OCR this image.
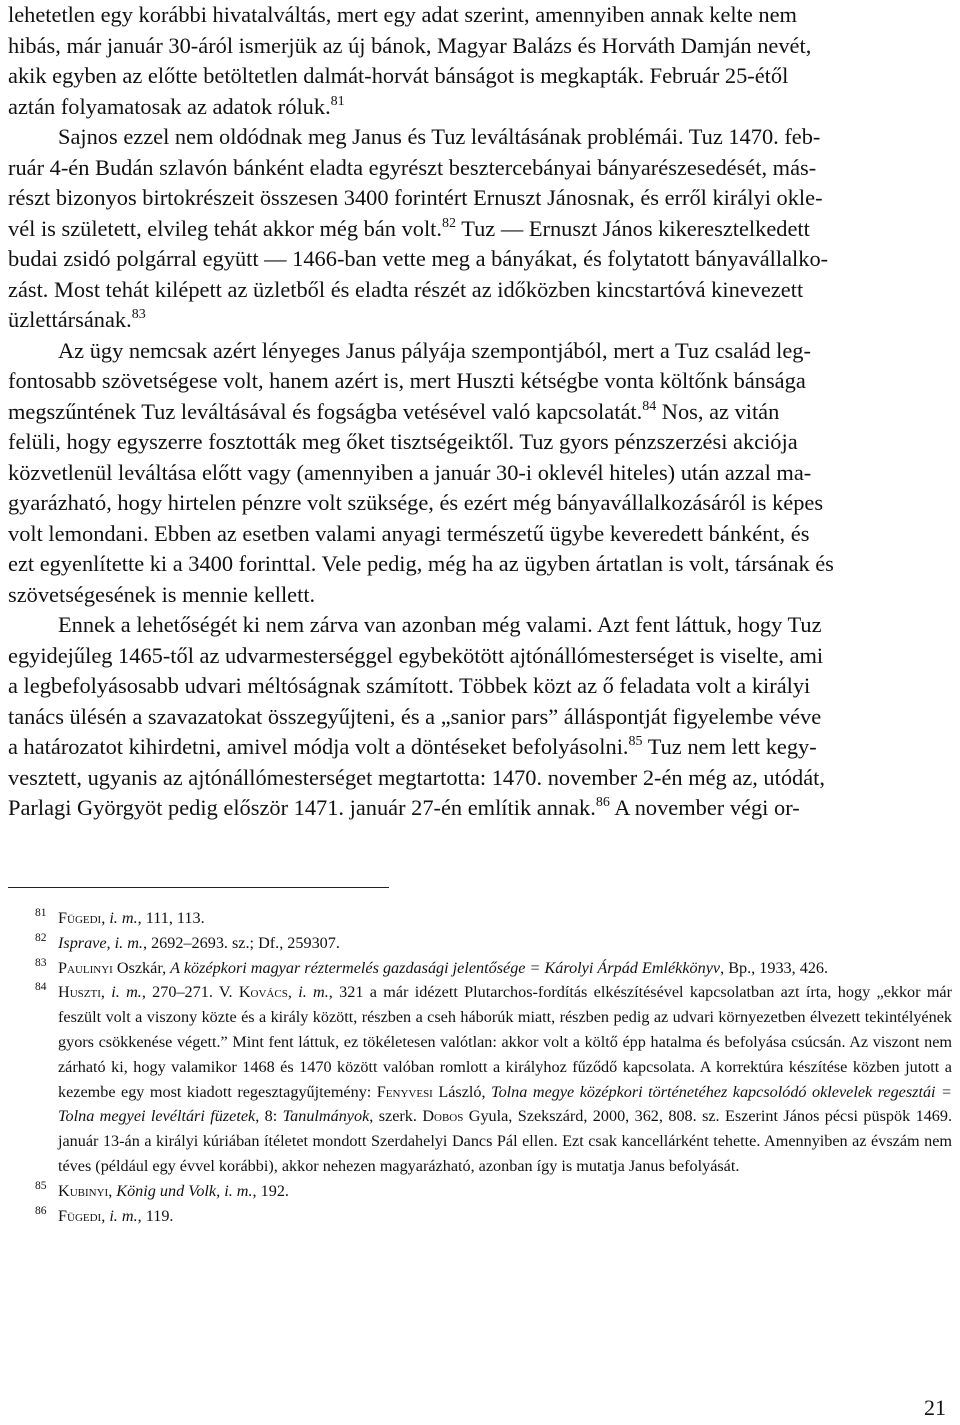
lehetetlen egy korábbi hivatalváltás, mert egy adat szerint, amennyiben annak kelte nem
hibás, már január 30-áról ismerjük az új bánok, Magyar Balázs és Horváth Damján nevét,
akik egyben az előtte betöltetlen dalmát-horvát bánságot is megkapták. Február 25-étől
aztán folyamatosak az adatok róluk.$^{81}$

Sajnos ezzel nem oldódnak meg Janus és Tuz leváltásának problémái. Tuz 1470. feb-
ruár 4-én Budán szlavón bánként eladta egyrészt besztercebányai bányarészesedését, más-
részt bizonyos birtokrészeit összesen 3400 forintért Ernuszt Jánosnak, és erről királyi okle-
vél is született, elvileg tehát akkor még bán volt.$^{82}$ Tuz — Ernuszt János kikeresztelkedett
budai zsidó polgárral együtt — 1466-ban vette meg a bányákat, és folytatott bányavállalko-
zást. Most tehát kilépett az üzletből és eladta részét az időközben kincstartóvá kinevezett
üzlettársának.$^{83}$

Az ügy nemcsak azért lényeges Janus pályája szempontjából, mert a Tuz család leg-
fontosabb szövetségese volt, hanem azért is, mert Huszti kétségbe vonta költőnk bánsága
megszűntének Tuz leváltásával és fogságba vetésével való kapcsolatát.$^{84}$ Nos, az vitán
felüli, hogy egyszerre fosztották meg őket tisztségeiktől. Tuz gyors pénzszerzési akciója
közvetlenül leváltása előtt vagy (amennyiben a január 30-i oklevél hiteles) után azzal ma-
gyarázható, hogy hirtelen pénzre volt szüksége, és ezért még bányavállalkozásáról is képes
volt lemondani. Ebben az esetben valami anyagi természetű ügybe keveredett bánként, és
ezt egyenlítette ki a 3400 forinttal. Vele pedig, még ha az ügyben ártatlan is volt, társának és
szövetségesének is mennie kellett.

Ennek a lehetőségét ki nem zárva van azonban még valami. Azt fent láttuk, hogy Tuz
egyidejűleg 1465-től az udvarmesterséggel egybekötött ajtónállómesterséget is viselte, ami
a legbefolyásosabb udvari méltóságnak számított. Többek közt az ő feladata volt a királyi
tanács ülésén a szavazatokat összegyűjteni, és a „sanior pars” álláspontját figyelembe véve
a határozatot kihirdetni, amivel módja volt a döntéseket befolyásolni.$^{85}$ Tuz nem lett kegy-
vesztett, ugyanis az ajtónállómesterséget megtartotta: 1470. november 2-én még az, utódát,
Parlagi Györgyöt pedig először 1471. január 27-én említik annak.$^{86}$ A november végi or-

81 Fügedi, i. m., 111, 113.

82 Isprave, i. m., 2692–2693. sz.; Df., 259307.

83 Paulinyi Oszkár, A középkori magyar réztermelés gazdasági jelentősége = Károlyi Árpád Emlékkönyv, Bp., 1933, 426.

84 Huszti, i. m., 270–271. V. Kovács, i. m., 321 a már idézett Plutarchos-fordítás elkészítésével kapcsolatban azt írta, hogy „ekkor már feszült volt a viszony közte és a király között, részben a cseh háborúk miatt, részben pedig az udvari környezetben élvezett tekintélyének gyors csökkenése végett.” Mint fent láttuk, ez tökéletesen valótlan: akkor volt a költő épp hatalma és befolyása csúcsán. Az viszont nem zárható ki, hogy valamikor 1468 és 1470 között valóban romlott a királyhoz fűződő kapcsolata. A korrektúra készítése közben jutott a kezembe egy most kiadott regesztagyűjtemény: Fenyvesi László, Tolna megye középkori történetéhez kapcsolódó oklevelek regesztái = Tolna megyei levéltári füzetek, 8: Tanulmányok, szerk. Dobos Gyula, Szekszárd, 2000, 362, 808. sz. Eszerint János pécsi püspök 1469. január 13-án a királyi kúriában ítéletet mondott Szerdahelyi Dancs Pál ellen. Ezt csak kancellárként tehette. Amennyiben az évszám nem téves (például egy évvel korábbi), akkor nehezen magyarázható, azonban így is mutatja Janus befolyását.

85 Kubinyi, König und Volk, i. m., 192.

86 Fügedi, i. m., 119.

21
